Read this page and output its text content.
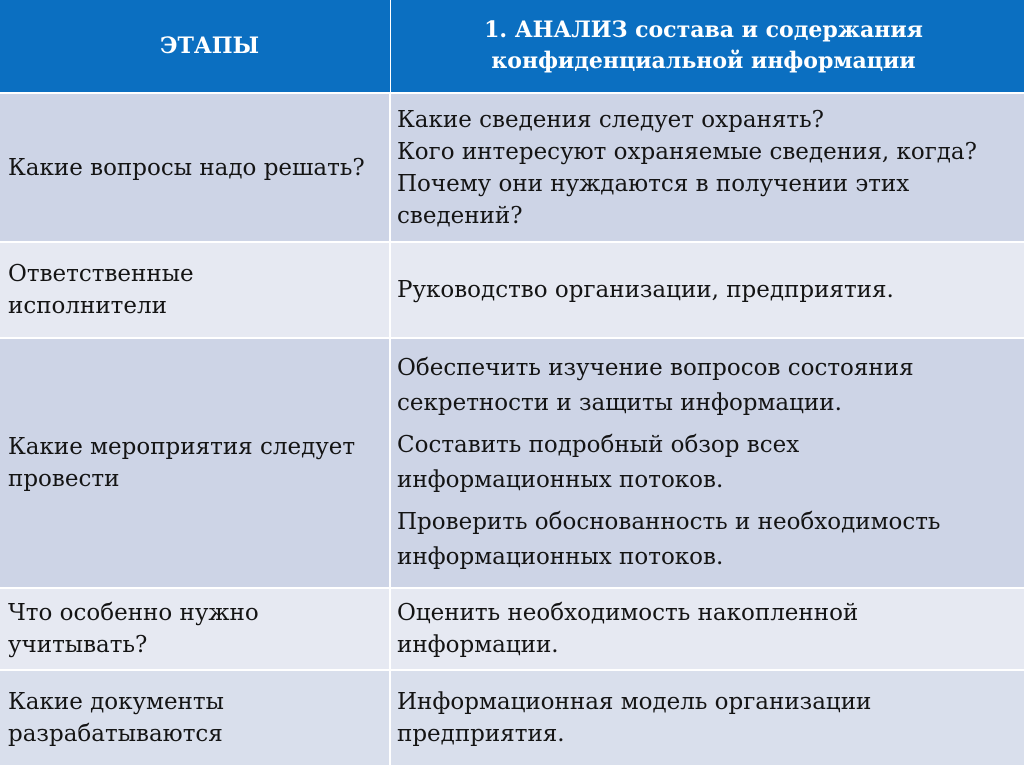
ЭТАПЫ
1. АНАЛИЗ состава и содержания
конфиденциальной информации
Какие вопросы надо решать?
Какие сведения следует охранять?
Кого интересуют охраняемые сведения, когда?
Почему они нуждаются в получении этих
сведений?
Ответственные
исполнители
Руководство организации, предприятия.
Какие мероприятия следует
провести
Обеспечить изучение вопросов состояния
секретности и защиты информации.
Составить подробный обзор всех
информационных потоков.
Проверить обоснованность и необходимость
информационных потоков.
Что особенно нужно
учитывать?
Оценить необходимость накопленной
информации.
Какие документы
разрабатываются
Информационная модель организации
предприятия.
